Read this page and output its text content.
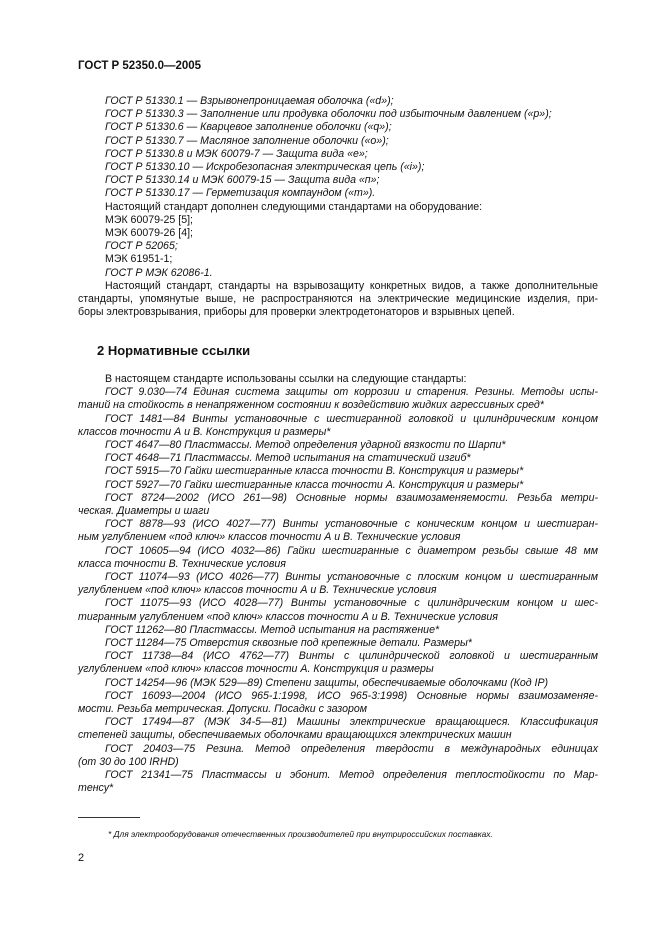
ГОСТ Р 52350.0—2005
ГОСТ Р 51330.1 — Взрывонепроницаемая оболочка («d»);
ГОСТ Р 51330.3 — Заполнение или продувка оболочки под избыточным давлением («р»);
ГОСТ Р 51330.6 — Кварцевое заполнение оболочки («q»);
ГОСТ Р 51330.7 — Масляное заполнение оболочки («о»);
ГОСТ Р 51330.8 и МЭК 60079-7 — Защита вида «е»;
ГОСТ Р 51330.10 — Искробезопасная электрическая цепь («i»);
ГОСТ Р 51330.14 и МЭК 60079-15 — Защита вида «п»;
ГОСТ Р 51330.17 — Герметизация компаундом («m»).
Настоящий стандарт дополнен следующими стандартами на оборудование:
МЭК 60079-25 [5];
МЭК 60079-26 [4];
ГОСТ Р 52065;
МЭК 61951-1;
ГОСТ Р МЭК 62086-1.
Настоящий стандарт, стандарты на взрывозащиту конкретных видов, а также дополнительные
стандарты, упомянутые выше, не распространяются на электрические медицинские изделия, при-
боры электровзрывания, приборы для проверки электродетонаторов и взрывных цепей.
2 Нормативные ссылки
В настоящем стандарте использованы ссылки на следующие стандарты:
ГОСТ 9.030—74 Единая система защиты от коррозии и старения. Резины. Методы испы-
таний на стойкость в ненапряженном состоянии к воздействию жидких агрессивных сред*
ГОСТ 1481—84 Винты установочные с шестигранной головкой и цилиндрическим концом
классов точности А и В. Конструкция и размеры*
ГОСТ 4647—80 Пластмассы. Метод определения ударной вязкости по Шарпи*
ГОСТ 4648—71 Пластмассы. Метод испытания на статический изгиб*
ГОСТ 5915—70 Гайки шестигранные класса точности В. Конструкция и размеры*
ГОСТ 5927—70 Гайки шестигранные класса точности А. Конструкция и размеры*
ГОСТ 8724—2002 (ИСО 261—98) Основные нормы взаимозаменяемости. Резьба метри-
ческая. Диаметры и шаги
ГОСТ 8878—93 (ИСО 4027—77) Винты установочные с коническим концом и шестигран-
ным углублением «под ключ» классов точности А и В. Технические условия
ГОСТ 10605—94 (ИСО 4032—86) Гайки шестигранные с диаметром резьбы свыше 48 мм
класса точности В. Технические условия
ГОСТ 11074—93 (ИСО 4026—77) Винты установочные с плоским концом и шестигранным
углублением «под ключ» классов точности А и В. Технические условия
ГОСТ 11075—93 (ИСО 4028—77) Винты установочные с цилиндрическим концом и шес-
тигранным углублением «под ключ» классов точности А и В. Технические условия
ГОСТ 11262—80 Пластмассы. Метод испытания на растяжение*
ГОСТ 11284—75 Отверстия сквозные под крепежные детали. Размеры*
ГОСТ 11738—84 (ИСО 4762—77) Винты с цилиндрической головкой и шестигранным
углублением «под ключ» классов точности А. Конструкция и размеры
ГОСТ 14254—96 (МЭК 529—89) Степени защиты, обеспечиваемые оболочками (Код IP)
ГОСТ 16093—2004 (ИСО 965-1:1998, ИСО 965-3:1998) Основные нормы взаимозаменяе-
мости. Резьба метрическая. Допуски. Посадки с зазором
ГОСТ 17494—87 (МЭК 34-5—81) Машины электрические вращающиеся. Классификация
степеней защиты, обеспечиваемых оболочками вращающихся электрических машин
ГОСТ 20403—75 Резина. Метод определения твердости в международных единицах
(от 30 до 100 IRHD)
ГОСТ 21341—75 Пластмассы и эбонит. Метод определения теплостойкости по Мар-
тенсу*
* Для электрооборудования отечественных производителей при внутрироссийских поставках.
2
